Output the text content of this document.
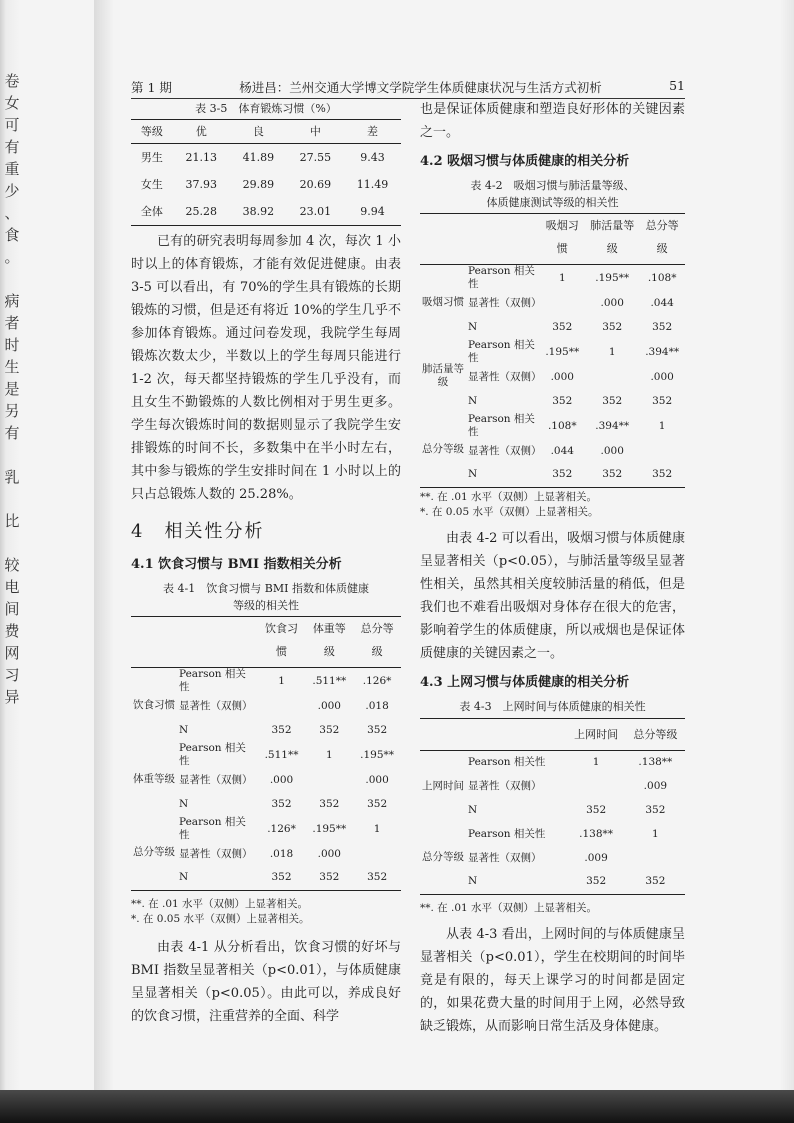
卷
女
可
有
重
少
、
食
。

病
者
时
生
是
另
有

乳

比

较
电
间
费
网
习
异
第 1 期	杨进昌：兰州交通大学博文学院学生体质健康状况与生活方式初析	51
表 3-5　体育锻炼习惯（%）
等级	优	良	中	差
男生	21.13	41.89	27.55	9.43
女生	37.93	29.89	20.69	11.49
全体	25.28	38.92	23.01	9.94

已有的研究表明每周参加 4 次，每次 1 小时以上的体育锻炼，才能有效促进健康。由表 3-5 可以看出，有 70%的学生具有锻炼的长期锻炼的习惯，但是还有将近 10%的学生几乎不参加体育锻炼。通过问卷发现，我院学生每周锻炼次数太少，半数以上的学生每周只能进行 1-2 次，每天都坚持锻炼的学生几乎没有，而且女生不勤锻炼的人数比例相对于男生更多。学生每次锻炼时间的数据则显示了我院学生安排锻炼的时间不长，多数集中在半小时左右，其中参与锻炼的学生安排时间在 1 小时以上的只占总锻炼人数的 25.28%。

4　相关性分析
4.1 饮食习惯与 BMI 指数相关分析
表 4-1　饮食习惯与 BMI 指数和体质健康
等级的相关性
		饮食习惯	体重等级	总分等级
饮食习惯	Pearson 相关性	1	.511**	.126*
	显著性（双侧）		.000	.018
	N	352	352	352
体重等级	Pearson 相关性	.511**	1	.195**
	显著性（双侧）	.000		.000
	N	352	352	352
总分等级	Pearson 相关性	.126*	.195**	1
	显著性（双侧）	.018	.000	
	N	352	352	352
**. 在 .01 水平（双侧）上显著相关。
*. 在 0.05 水平（双侧）上显著相关。

由表 4-1 从分析看出，饮食习惯的好坏与 BMI 指数呈显著相关（p<0.01），与体质健康呈显著相关（p<0.05）。由此可以，养成良好的饮食习惯，注重营养的全面、科学

也是保证体质健康和塑造良好形体的关键因素之一。

4.2 吸烟习惯与体质健康的相关分析
表 4-2　吸烟习惯与肺活量等级、
体质健康测试等级的相关性
		吸烟习惯	肺活量等级	总分等级
吸烟习惯	Pearson 相关性	1	.195**	.108*
	显著性（双侧）		.000	.044
	N	352	352	352
肺活量等级	Pearson 相关性	.195**	1	.394**
	显著性（双侧）	.000		.000
	N	352	352	352
总分等级	Pearson 相关性	.108*	.394**	1
	显著性（双侧）	.044	.000	
	N	352	352	352
**. 在 .01 水平（双侧）上显著相关。
*. 在 0.05 水平（双侧）上显著相关。

由表 4-2 可以看出，吸烟习惯与体质健康呈显著相关（p<0.05），与肺活量等级呈显著性相关，虽然其相关度较肺活量的稍低，但是我们也不难看出吸烟对身体存在很大的危害，影响着学生的体质健康，所以戒烟也是保证体质健康的关键因素之一。

4.3 上网习惯与体质健康的相关分析
表 4-3　上网时间与体质健康的相关性
		上网时间	总分等级
上网时间	Pearson 相关性	1	.138**
	显著性（双侧）		.009
	N	352	352
总分等级	Pearson 相关性	.138**	1
	显著性（双侧）	.009	
	N	352	352
**. 在 .01 水平（双侧）上显著相关。

从表 4-3 看出，上网时间的与体质健康呈显著相关（p<0.01），学生在校期间的时间毕竟是有限的，每天上课学习的时间都是固定的，如果花费大量的时间用于上网，必然导致缺乏锻炼，从而影响日常生活及身体健康。
